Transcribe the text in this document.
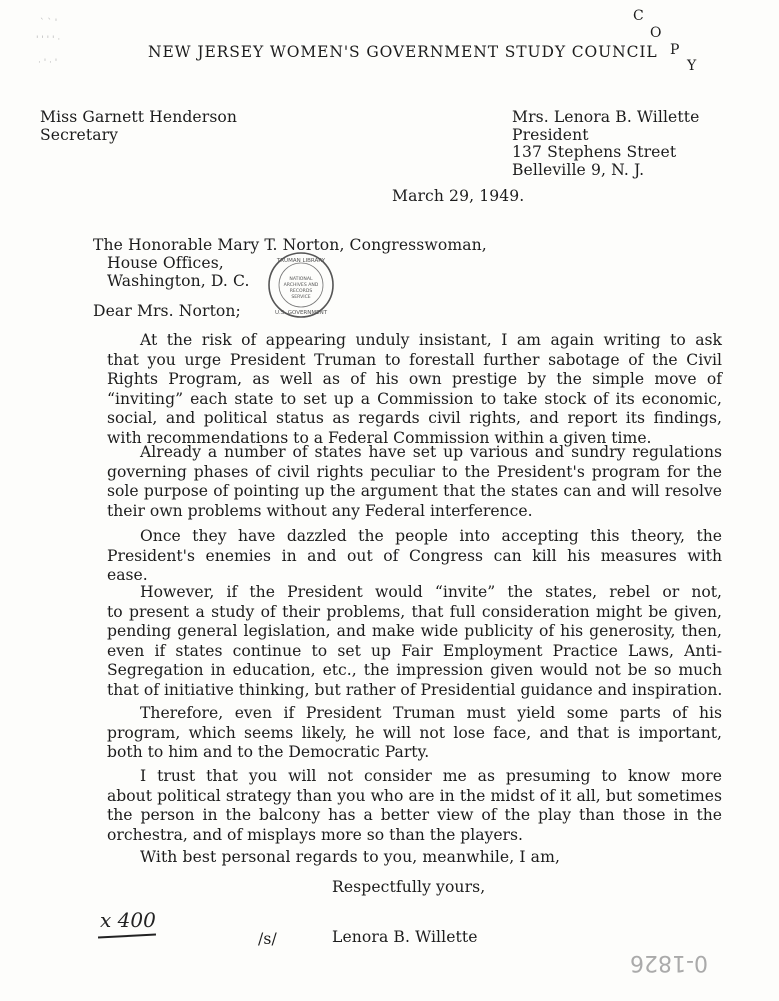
` ` '
' ' ' ' ·
· ' · '
NEW JERSEY WOMEN'S GOVERNMENT STUDY COUNCIL
C
O
P
Y
Miss Garnett Henderson
Secretary
Mrs. Lenora B. Willette
President
137 Stephens Street
Belleville 9, N. J.
March 29, 1949.
The Honorable Mary T. Norton, Congresswoman,
House Offices,
Washington, D. C.
TRUMAN LIBRARY
NATIONAL
ARCHIVES AND
RECORDS
SERVICE
U.S. GOVERNMENT
Dear Mrs. Norton;
At the risk of appearing unduly insistant, I am again writing to ask
that you urge President Truman to forestall further sabotage of the Civil
Rights Program, as well as of his own prestige by the simple move of
“inviting” each state to set up a Commission to take stock of its economic,
social, and political status as regards civil rights, and report its findings,
with recommendations to a Federal Commission within a given time.
Already a number of states have set up various and sundry regulations
governing phases of civil rights peculiar to the President's program for the
sole purpose of pointing up the argument that the states can and will resolve
their own problems without any Federal interference.
Once they have dazzled the people into accepting this theory, the
President's enemies in and out of Congress can kill his measures with
ease.
However, if the President would “invite” the states, rebel or not,
to present a study of their problems, that full consideration might be given,
pending general legislation, and make wide publicity of his generosity, then,
even if states continue to set up Fair Employment Practice Laws, Anti-
Segregation in education, etc., the impression given would not be so much
that of initiative thinking, but rather of Presidential guidance and inspiration.
Therefore, even if President Truman must yield some parts of his
program, which seems likely, he will not lose face, and that is important,
both to him and to the Democratic Party.
I trust that you will not consider me as presuming to know more
about political strategy than you who are in the midst of it all, but sometimes
the person in the balcony has a better view of the play than those in the
orchestra, and of misplays more so than the players.
With best personal regards to you, meanwhile, I am,
Respectfully yours,
x 400
/s/	Lenora B. Willette
0-1826
